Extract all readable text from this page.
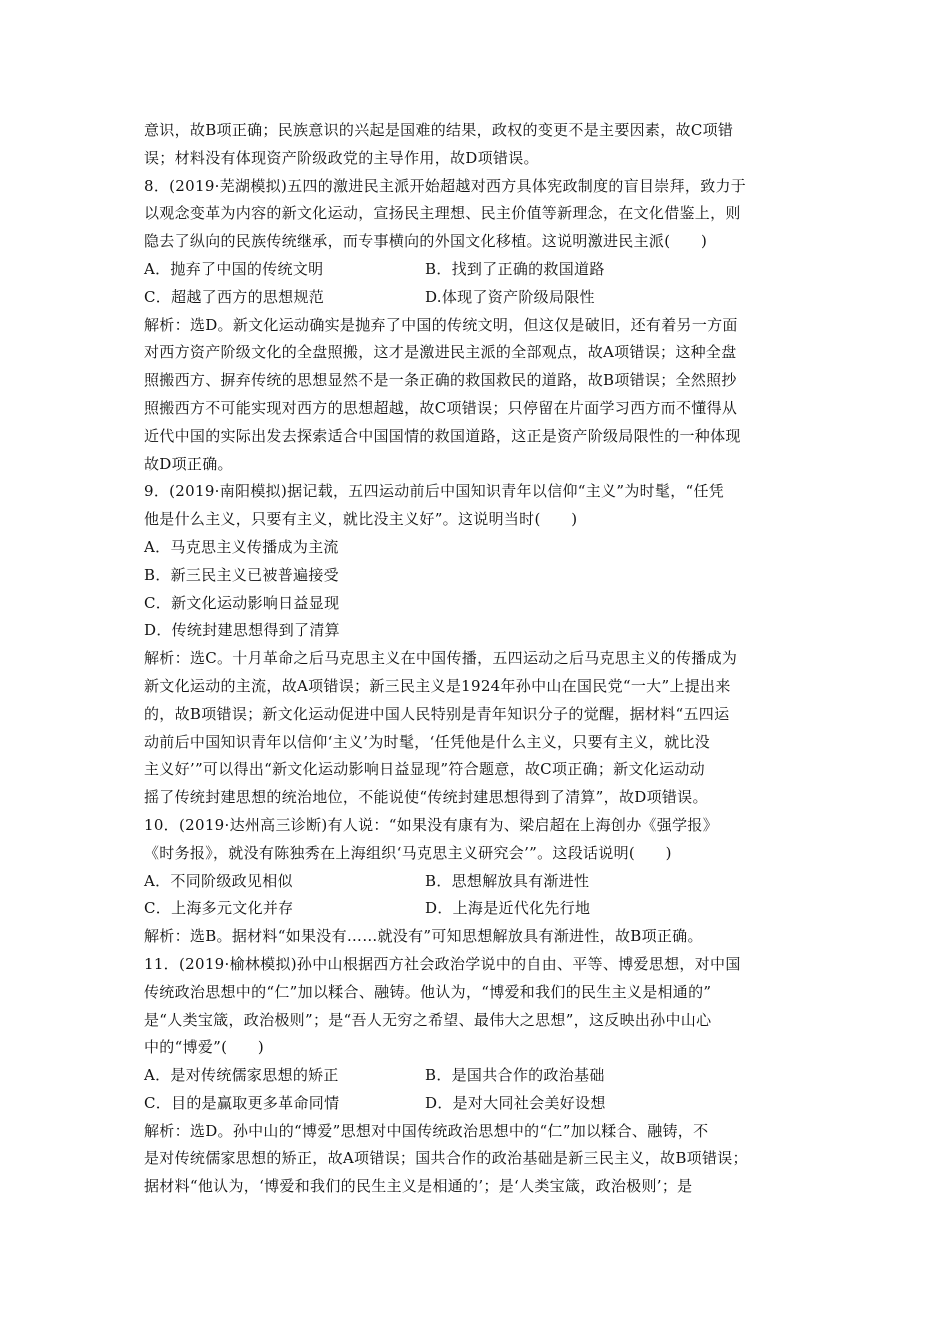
意识，故B项正确；民族意识的兴起是国难的结果，政权的变更不是主要因素，故C项错
误；材料没有体现资产阶级政党的主导作用，故D项错误。
8．(2019·芜湖模拟)五四的激进民主派开始超越对西方具体宪政制度的盲目崇拜，致力于
以观念变革为内容的新文化运动，宣扬民主理想、民主价值等新理念，在文化借鉴上，则
隐去了纵向的民族传统继承，而专事横向的外国文化移植。这说明激进民主派(　　)
A．抛弃了中国的传统文明	B．找到了正确的救国道路
C．超越了西方的思想规范	D.体现了资产阶级局限性
解析：选D。新文化运动确实是抛弃了中国的传统文明，但这仅是破旧，还有着另一方面
对西方资产阶级文化的全盘照搬，这才是激进民主派的全部观点，故A项错误；这种全盘
照搬西方、摒弃传统的思想显然不是一条正确的救国救民的道路，故B项错误；全然照抄
照搬西方不可能实现对西方的思想超越，故C项错误；只停留在片面学习西方而不懂得从
近代中国的实际出发去探索适合中国国情的救国道路，这正是资产阶级局限性的一种体现
故D项正确。
9．(2019·南阳模拟)据记载，五四运动前后中国知识青年以信仰“主义”为时髦，“任凭
他是什么主义，只要有主义，就比没主义好”。这说明当时(　　)
A．马克思主义传播成为主流
B．新三民主义已被普遍接受
C．新文化运动影响日益显现
D．传统封建思想得到了清算
解析：选C。十月革命之后马克思主义在中国传播，五四运动之后马克思主义的传播成为
新文化运动的主流，故A项错误；新三民主义是1924年孙中山在国民党“一大”上提出来
的，故B项错误；新文化运动促进中国人民特别是青年知识分子的觉醒，据材料“五四运
动前后中国知识青年以信仰‘主义’为时髦，‘任凭他是什么主义，只要有主义，就比没
主义好’”可以得出“新文化运动影响日益显现”符合题意，故C项正确；新文化运动动
摇了传统封建思想的统治地位，不能说使“传统封建思想得到了清算”，故D项错误。
10．(2019·达州高三诊断)有人说：“如果没有康有为、梁启超在上海创办《强学报》
《时务报》，就没有陈独秀在上海组织‘马克思主义研究会’”。这段话说明(　　)
A．不同阶级政见相似	B．思想解放具有渐进性
C．上海多元文化并存	D．上海是近代化先行地
解析：选B。据材料“如果没有……就没有”可知思想解放具有渐进性，故B项正确。
11．(2019·榆林模拟)孙中山根据西方社会政治学说中的自由、平等、博爱思想，对中国
传统政治思想中的“仁”加以糅合、融铸。他认为，“博爱和我们的民生主义是相通的”
是“人类宝箴，政治极则”；是“吾人无穷之希望、最伟大之思想”，这反映出孙中山心
中的“博爱”(　　)
A．是对传统儒家思想的矫正	B．是国共合作的政治基础
C．目的是赢取更多革命同情	D．是对大同社会美好设想
解析：选D。孙中山的“博爱”思想对中国传统政治思想中的“仁”加以糅合、融铸，不
是对传统儒家思想的矫正，故A项错误；国共合作的政治基础是新三民主义，故B项错误；
据材料“他认为，‘博爱和我们的民生主义是相通的’；是‘人类宝箴，政治极则’；是
